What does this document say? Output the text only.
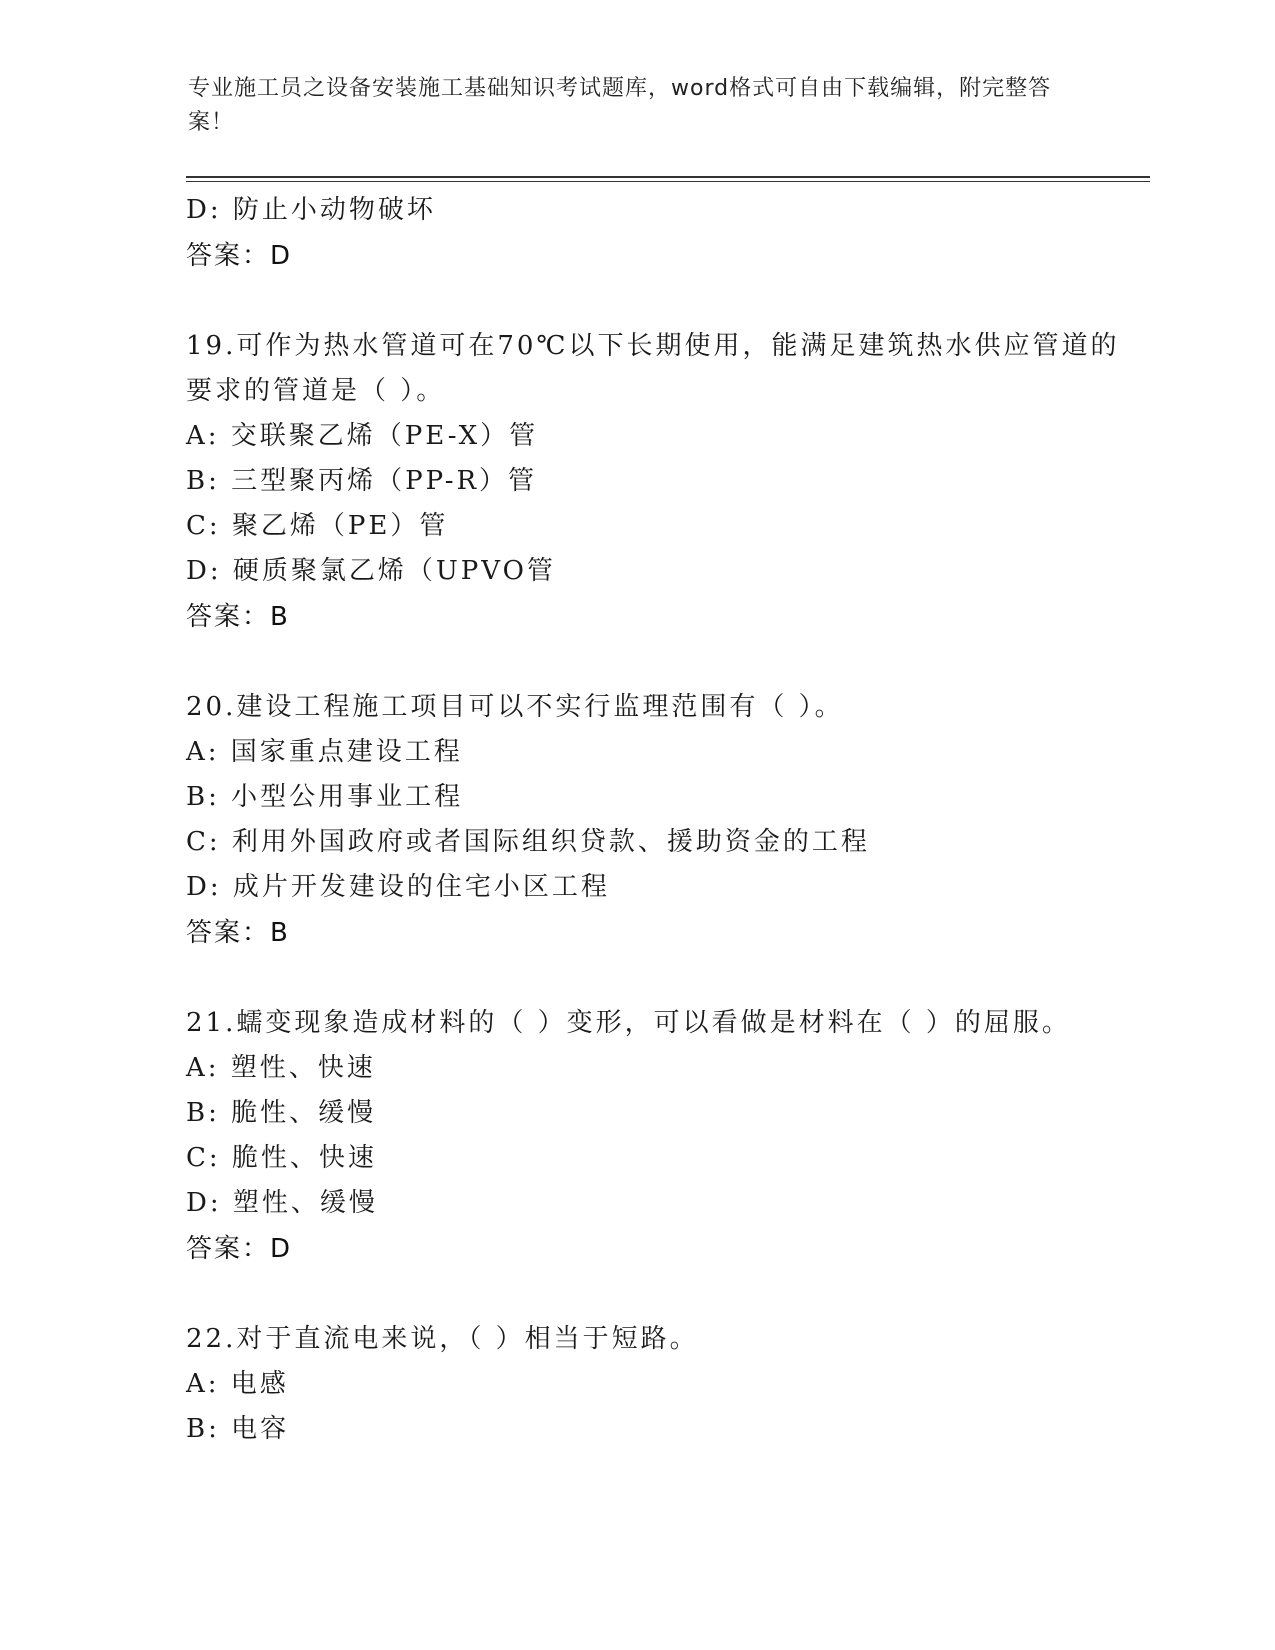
专业施工员之设备安装施工基础知识考试题库，word格式可自由下载编辑，附完整答案！
D: 防止小动物破坏
答案：D
19.可作为热水管道可在70℃以下长期使用，能满足建筑热水供应管道的要求的管道是（ ）。
A: 交联聚乙烯（PE-X）管
B: 三型聚丙烯（PP-R）管
C: 聚乙烯（PE）管
D: 硬质聚氯乙烯（UPVO管
答案：B
20.建设工程施工项目可以不实行监理范围有（ ）。
A: 国家重点建设工程
B: 小型公用事业工程
C: 利用外国政府或者国际组织贷款、援助资金的工程
D: 成片开发建设的住宅小区工程
答案：B
21.蠕变现象造成材料的（ ）变形，可以看做是材料在（ ）的屈服。
A: 塑性、快速
B: 脆性、缓慢
C: 脆性、快速
D: 塑性、缓慢
答案：D
22.对于直流电来说，（ ）相当于短路。
A: 电感
B: 电容
